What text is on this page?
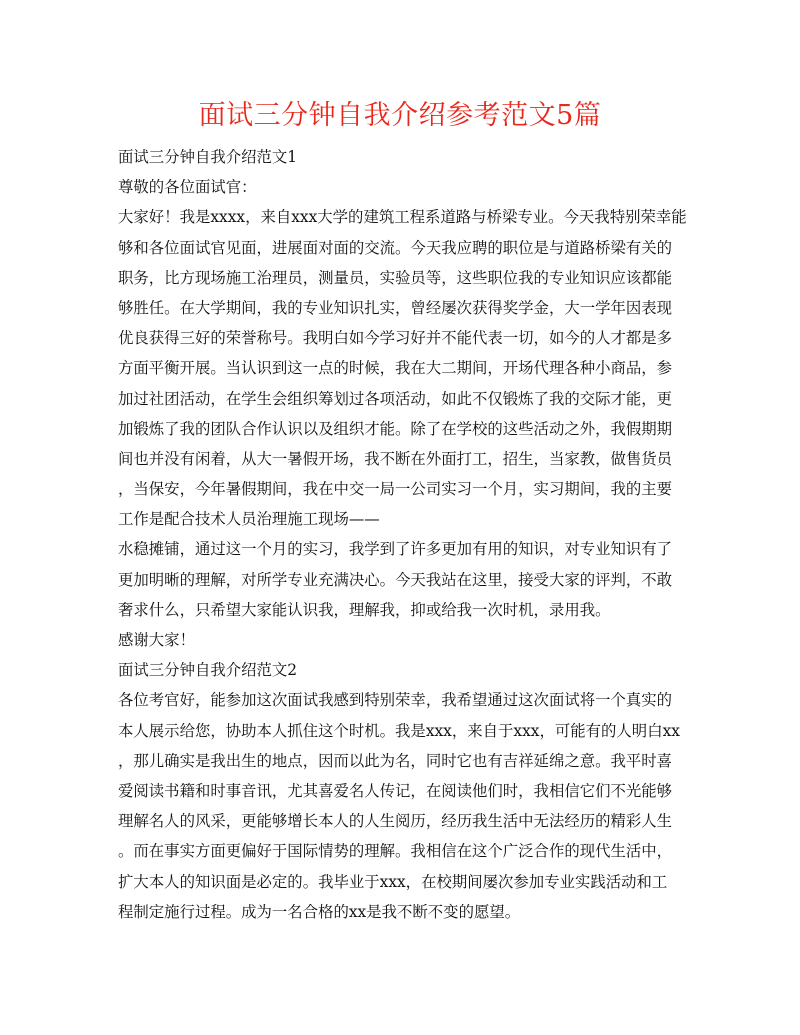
面试三分钟自我介绍参考范文5篇
面试三分钟自我介绍范文1
尊敬的各位面试官：
大家好！我是xxxx，来自xxx大学的建筑工程系道路与桥梁专业。今天我特别荣幸能
够和各位面试官见面，进展面对面的交流。今天我应聘的职位是与道路桥梁有关的
职务，比方现场施工治理员，测量员，实验员等，这些职位我的专业知识应该都能
够胜任。在大学期间，我的专业知识扎实，曾经屡次获得奖学金，大一学年因表现
优良获得三好的荣誉称号。我明白如今学习好并不能代表一切，如今的人才都是多
方面平衡开展。当认识到这一点的时候，我在大二期间，开场代理各种小商品，参
加过社团活动，在学生会组织筹划过各项活动，如此不仅锻炼了我的交际才能，更
加锻炼了我的团队合作认识以及组织才能。除了在学校的这些活动之外，我假期期
间也并没有闲着，从大一暑假开场，我不断在外面打工，招生，当家教，做售货员
，当保安，今年暑假期间，我在中交一局一公司实习一个月，实习期间，我的主要
工作是配合技术人员治理施工现场——
水稳摊铺，通过这一个月的实习，我学到了许多更加有用的知识，对专业知识有了
更加明晰的理解，对所学专业充满决心。今天我站在这里，接受大家的评判，不敢
奢求什么，只希望大家能认识我，理解我，抑或给我一次时机，录用我。
感谢大家！
面试三分钟自我介绍范文2
各位考官好，能参加这次面试我感到特别荣幸，我希望通过这次面试将一个真实的
本人展示给您，协助本人抓住这个时机。我是xxx，来自于xxx，可能有的人明白xx
，那儿确实是我出生的地点，因而以此为名，同时它也有吉祥延绵之意。我平时喜
爱阅读书籍和时事音讯，尤其喜爱名人传记，在阅读他们时，我相信它们不光能够
理解名人的风采，更能够增长本人的人生阅历，经历我生活中无法经历的精彩人生
。而在事实方面更偏好于国际情势的理解。我相信在这个广泛合作的现代生活中，
扩大本人的知识面是必定的。我毕业于xxx，在校期间屡次参加专业实践活动和工
程制定施行过程。成为一名合格的xx是我不断不变的愿望。
